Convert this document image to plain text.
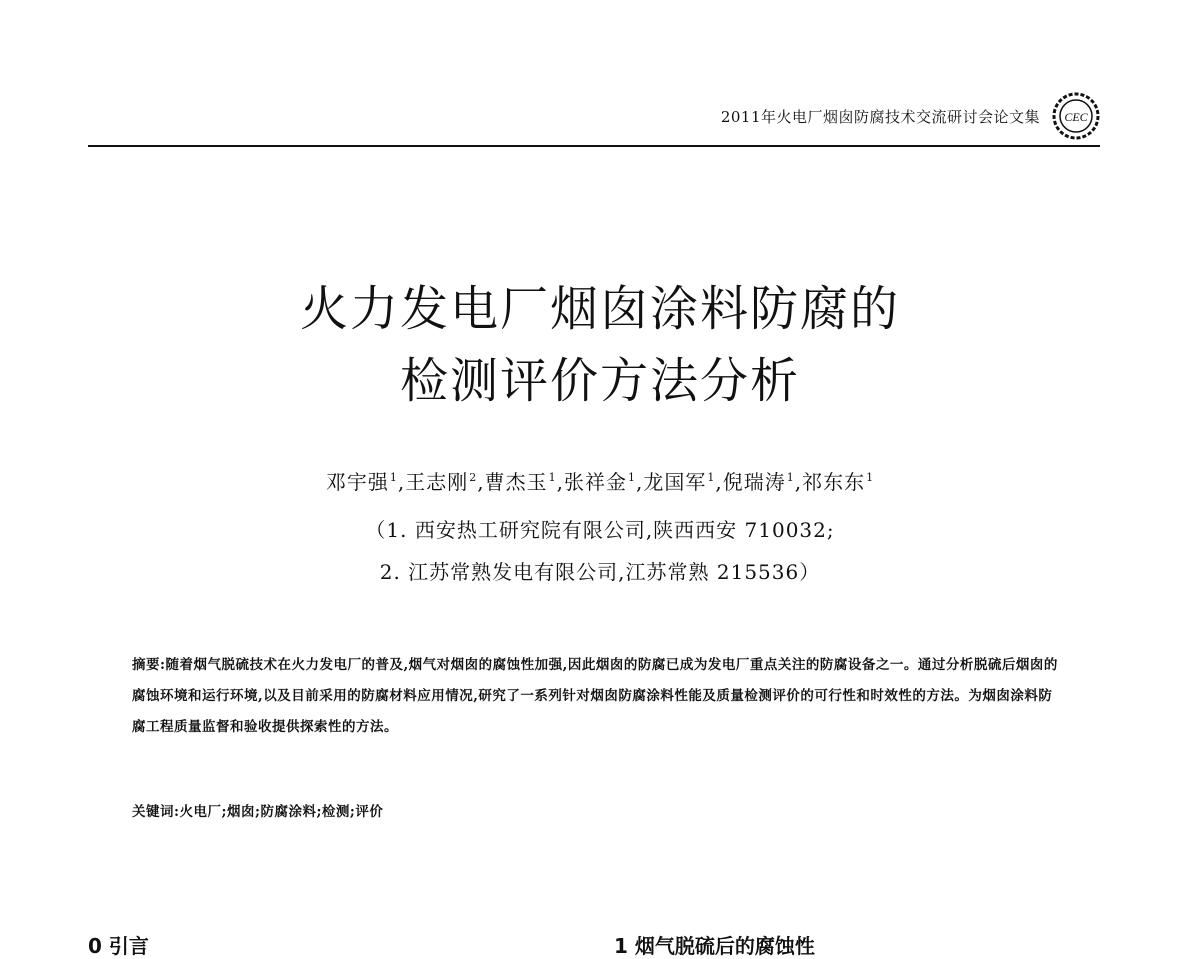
2011年火电厂烟囱防腐技术交流研讨会论文集 CEC
火力发电厂烟囱涂料防腐的
检测评价方法分析
邓宇强$^1$,王志刚$^2$,曹杰玉$^1$,张祥金$^1$,龙国军$^1$,倪瑞涛$^1$,祁东东$^1$
（1. 西安热工研究院有限公司,陕西西安 710032;
2. 江苏常熟发电有限公司,江苏常熟 215536）
摘要:随着烟气脱硫技术在火力发电厂的普及,烟气对烟囱的腐蚀性加强,因此烟囱的防腐已成为发电厂重点关注的防腐设备之一。通过分析脱硫后烟囱的腐蚀环境和运行环境,以及目前采用的防腐材料应用情况,研究了一系列针对烟囱防腐涂料性能及质量检测评价的可行性和时效性的方法。为烟囱涂料防腐工程质量监督和验收提供探索性的方法。
关键词:火电厂;烟囱;防腐涂料;检测;评价
0 引言	1 烟气脱硫后的腐蚀性
